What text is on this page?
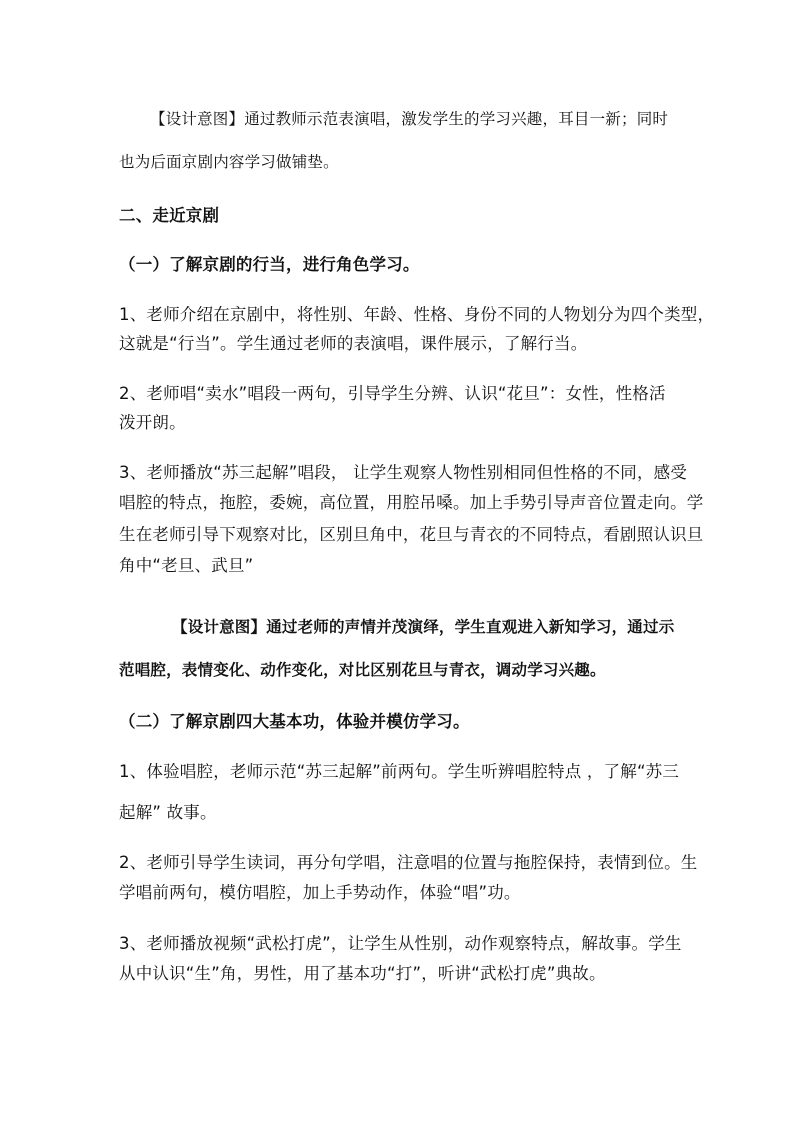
【设计意图】通过教师示范表演唱，激发学生的学习兴趣，耳目一新；同时
也为后面京剧内容学习做铺垫。
二、走近京剧
（一）了解京剧的行当，进行角色学习。
1、老师介绍在京剧中，将性别、年龄、性格、身份不同的人物划分为四个类型，
这就是“行当”。学生通过老师的表演唱，课件展示，了解行当。
2、老师唱“卖水”唱段一两句，引导学生分辨、认识“花旦”：女性，性格活
泼开朗。
3、老师播放“苏三起解”唱段， 让学生观察人物性别相同但性格的不同，感受
唱腔的特点，拖腔，委婉，高位置，用腔吊嗓。加上手势引导声音位置走向。学
生在老师引导下观察对比，区别旦角中，花旦与青衣的不同特点，看剧照认识旦
角中“老旦、武旦”
【设计意图】通过老师的声情并茂演绎，学生直观进入新知学习，通过示
范唱腔，表情变化、动作变化，对比区别花旦与青衣，调动学习兴趣。
（二）了解京剧四大基本功，体验并模仿学习。
1、体验唱腔，老师示范“苏三起解”前两句。学生听辨唱腔特点 ，了解“苏三
起解” 故事。
2、老师引导学生读词，再分句学唱，注意唱的位置与拖腔保持，表情到位。生
学唱前两句，模仿唱腔，加上手势动作，体验“唱”功。
3、老师播放视频“武松打虎”，让学生从性别，动作观察特点，解故事。学生
从中认识“生”角，男性，用了基本功“打”，听讲“武松打虎”典故。
